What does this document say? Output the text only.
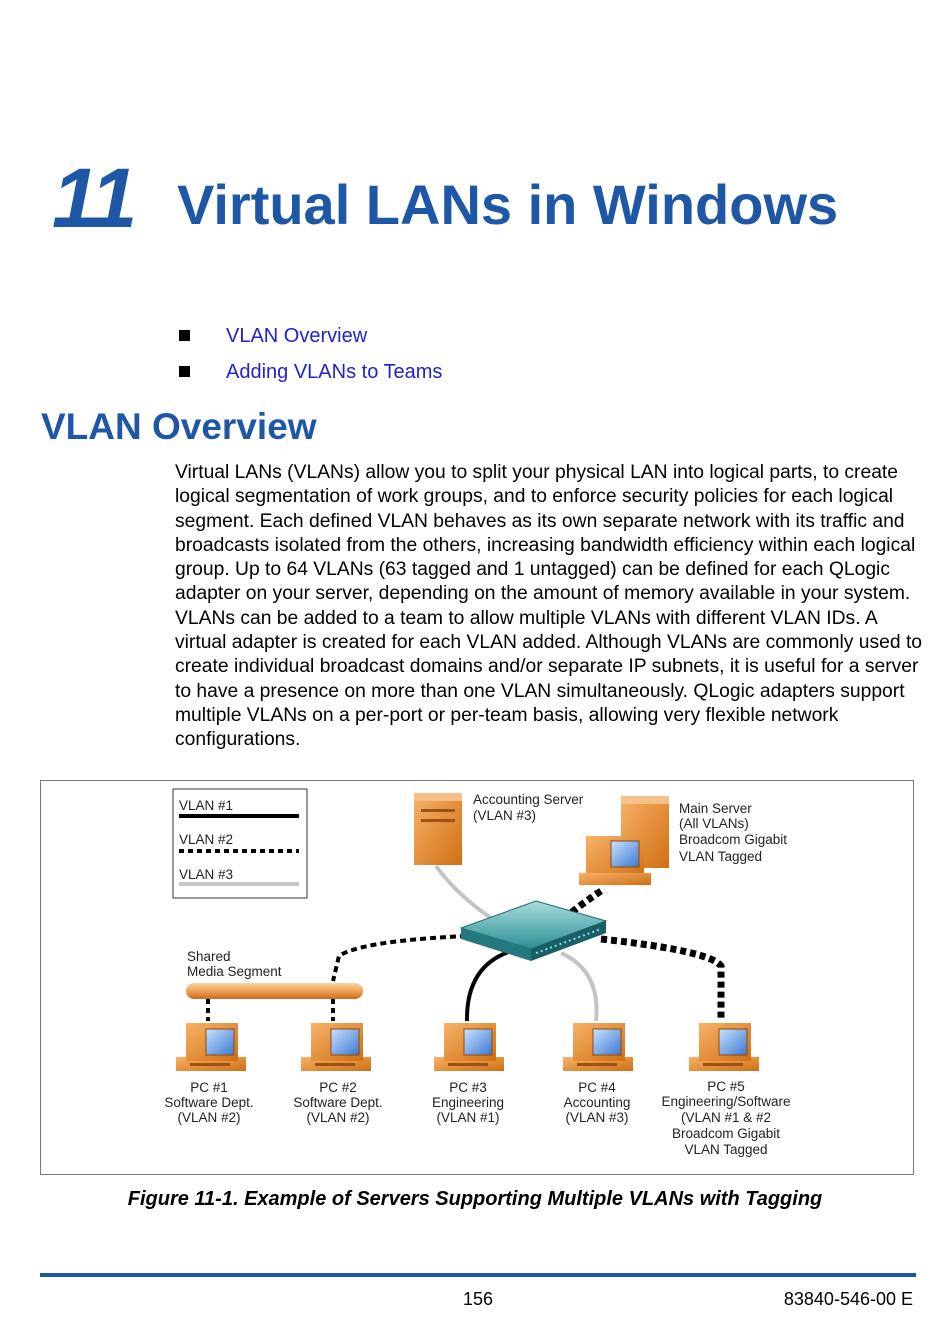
11 Virtual LANs in Windows
VLAN Overview
Adding VLANs to Teams
VLAN Overview
Virtual LANs (VLANs) allow you to split your physical LAN into logical parts, to create logical segmentation of work groups, and to enforce security policies for each logical segment. Each defined VLAN behaves as its own separate network with its traffic and broadcasts isolated from the others, increasing bandwidth efficiency within each logical group. Up to 64 VLANs (63 tagged and 1 untagged) can be defined for each QLogic adapter on your server, depending on the amount of memory available in your system. VLANs can be added to a team to allow multiple VLANs with different VLAN IDs. A virtual adapter is created for each VLAN added. Although VLANs are commonly used to create individual broadcast domains and/or separate IP subnets, it is useful for a server to have a presence on more than one VLAN simultaneously. QLogic adapters support multiple VLANs on a per-port or per-team basis, allowing very flexible network configurations.
VLAN #1
VLAN #2
VLAN #3
Shared
Media Segment
Accounting Server
(VLAN #3)	Main Server
(All VLANs)
Broadcom Gigabit
VLAN Tagged
PC #1
Software Dept.
(VLAN #2)
PC #2
Software Dept.
(VLAN #2)
PC #3
Engineering
(VLAN #1)
PC #4
Accounting
(VLAN #3)
PC #5
Engineering/Software
(VLAN #1 & #2
Broadcom Gigabit
VLAN Tagged
Figure 11-1. Example of Servers Supporting Multiple VLANs with Tagging
156	83840-546-00 E
